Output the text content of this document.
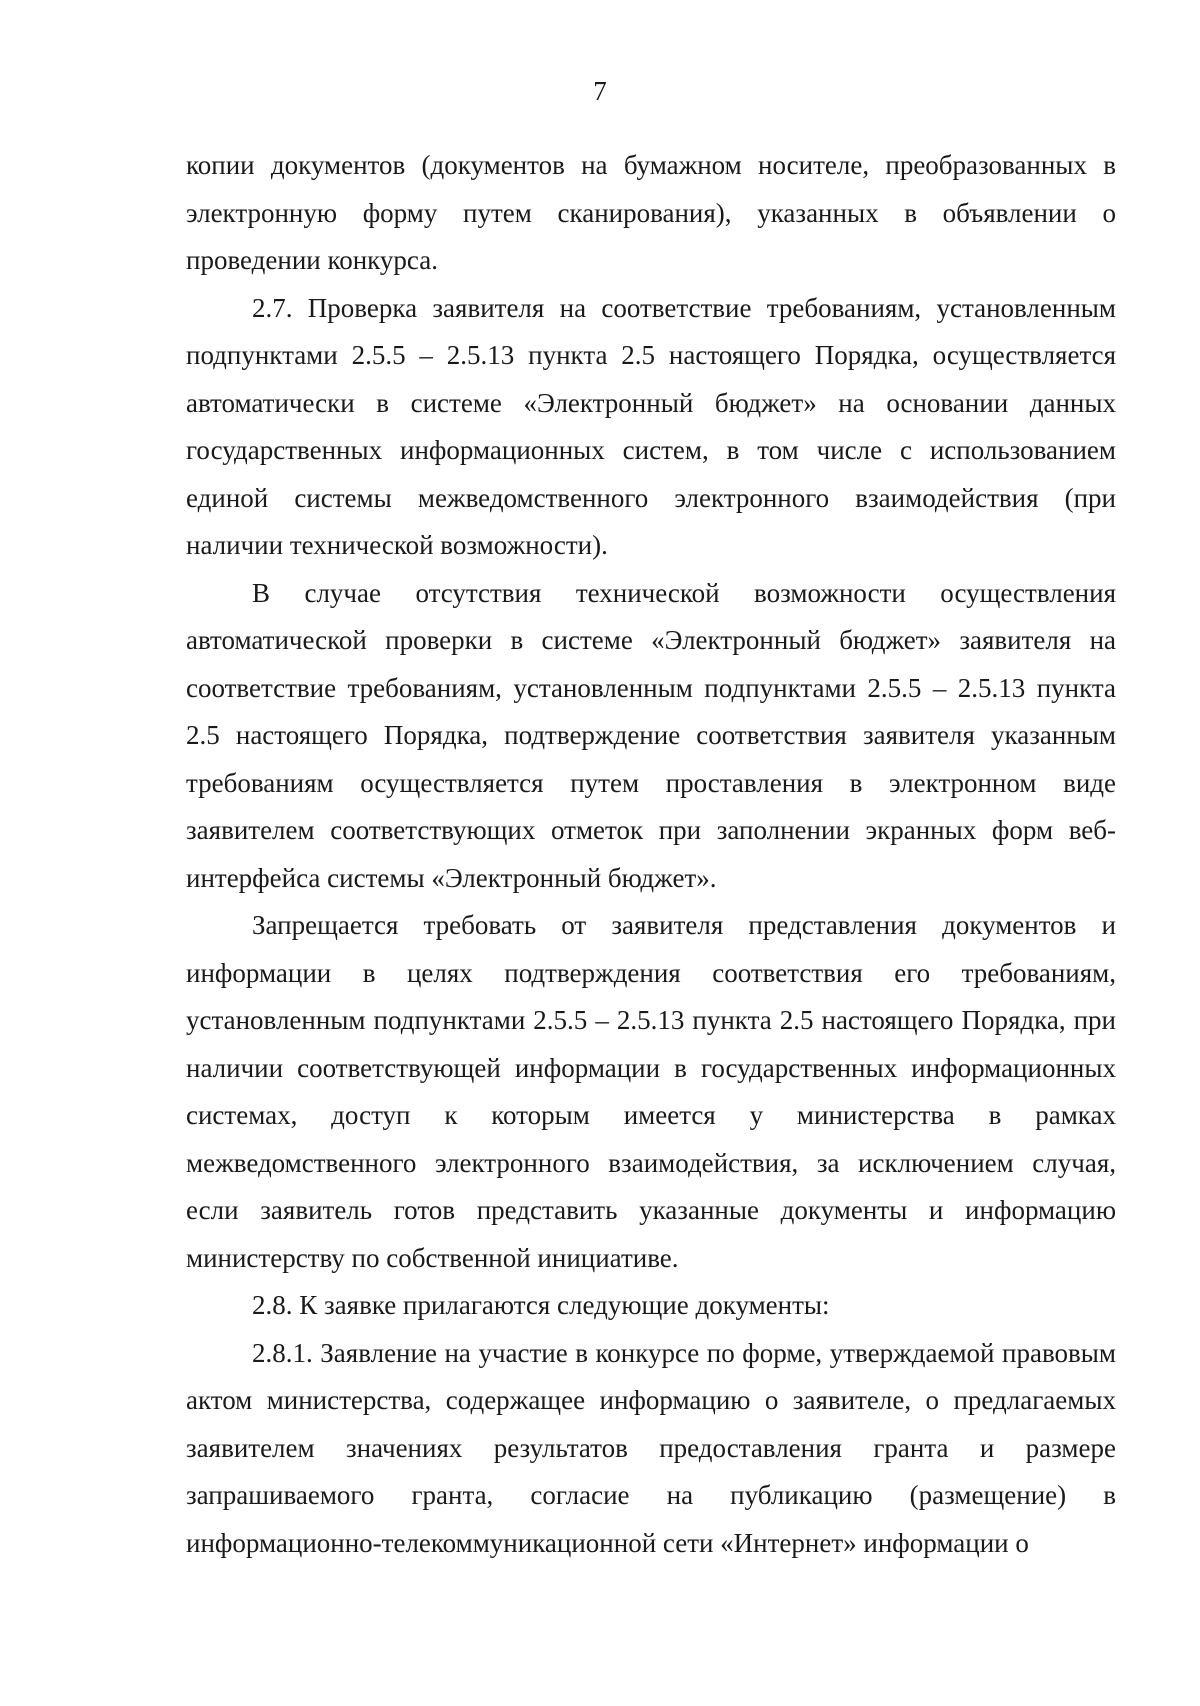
7

копии документов (документов на бумажном носителе, преобразованных в электронную форму путем сканирования), указанных в объявлении о проведении конкурса.

2.7. Проверка заявителя на соответствие требованиям, установленным подпунктами 2.5.5 – 2.5.13 пункта 2.5 настоящего Порядка, осуществляется автоматически в системе «Электронный бюджет» на основании данных государственных информационных систем, в том числе с использованием единой системы межведомственного электронного взаимодействия (при наличии технической возможности).

В случае отсутствия технической возможности осуществления автоматической проверки в системе «Электронный бюджет» заявителя на соответствие требованиям, установленным подпунктами 2.5.5 – 2.5.13 пункта 2.5 настоящего Порядка, подтверждение соответствия заявителя указанным требованиям осуществляется путем проставления в электронном виде заявителем соответствующих отметок при заполнении экранных форм веб-интерфейса системы «Электронный бюджет».

Запрещается требовать от заявителя представления документов и информации в целях подтверждения соответствия его требованиям, установленным подпунктами 2.5.5 – 2.5.13 пункта 2.5 настоящего Порядка, при наличии соответствующей информации в государственных информационных системах, доступ к которым имеется у министерства в рамках межведомственного электронного взаимодействия, за исключением случая, если заявитель готов представить указанные документы и информацию министерству по собственной инициативе.

2.8. К заявке прилагаются следующие документы:

2.8.1. Заявление на участие в конкурсе по форме, утверждаемой правовым актом министерства, содержащее информацию о заявителе, о предлагаемых заявителем значениях результатов предоставления гранта и размере запрашиваемого гранта, согласие на публикацию (размещение) в информационно-телекоммуникационной сети «Интернет» информации о
